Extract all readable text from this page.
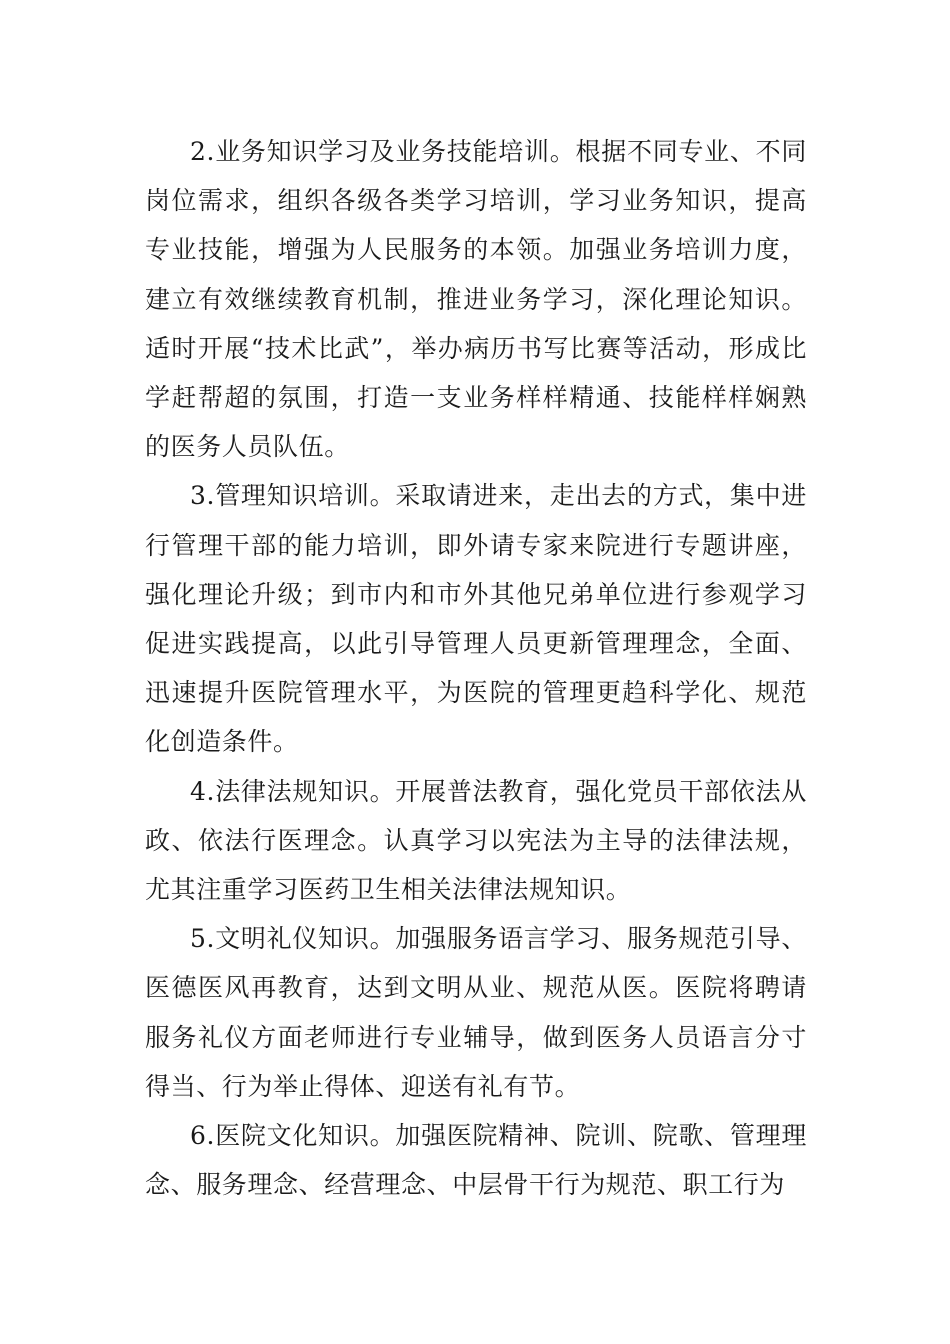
2.业务知识学习及业务技能培训。根据不同专业、不同岗位需求，组织各级各类学习培训，学习业务知识，提高专业技能，增强为人民服务的本领。加强业务培训力度，建立有效继续教育机制，推进业务学习，深化理论知识。适时开展“技术比武”，举办病历书写比赛等活动，形成比学赶帮超的氛围，打造一支业务样样精通、技能样样娴熟的医务人员队伍。

3.管理知识培训。采取请进来，走出去的方式，集中进行管理干部的能力培训，即外请专家来院进行专题讲座，强化理论升级；到市内和市外其他兄弟单位进行参观学习促进实践提高，以此引导管理人员更新管理理念，全面、迅速提升医院管理水平，为医院的管理更趋科学化、规范化创造条件。

4.法律法规知识。开展普法教育，强化党员干部依法从政、依法行医理念。认真学习以宪法为主导的法律法规，尤其注重学习医药卫生相关法律法规知识。

5.文明礼仪知识。加强服务语言学习、服务规范引导、医德医风再教育，达到文明从业、规范从医。医院将聘请服务礼仪方面老师进行专业辅导，做到医务人员语言分寸得当、行为举止得体、迎送有礼有节。

6.医院文化知识。加强医院精神、院训、院歌、管理理念、服务理念、经营理念、中层骨干行为规范、职工行为
